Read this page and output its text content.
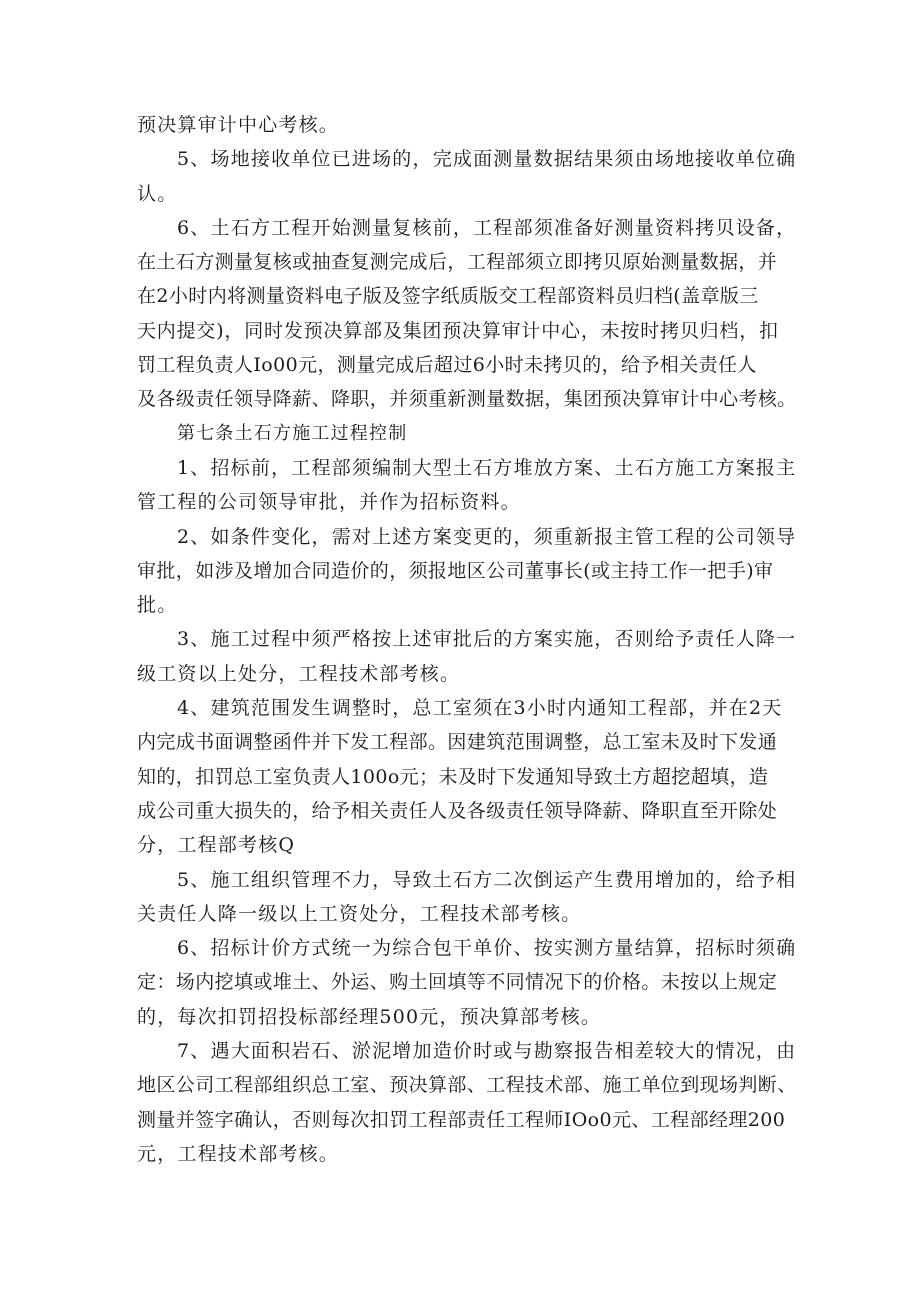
预决算审计中心考核。
5、场地接收单位已进场的，完成面测量数据结果须由场地接收单位确
认。
6、土石方工程开始测量复核前，工程部须准备好测量资料拷贝设备，
在土石方测量复核或抽查复测完成后，工程部须立即拷贝原始测量数据，并
在2小时内将测量资料电子版及签字纸质版交工程部资料员归档(盖章版三
天内提交)，同时发预决算部及集团预决算审计中心，未按时拷贝归档，扣
罚工程负责人Io00元，测量完成后超过6小时未拷贝的，给予相关责任人
及各级责任领导降薪、降职，并须重新测量数据，集团预决算审计中心考核。
第七条土石方施工过程控制
1、招标前，工程部须编制大型土石方堆放方案、土石方施工方案报主
管工程的公司领导审批，并作为招标资料。
2、如条件变化，需对上述方案变更的，须重新报主管工程的公司领导
审批，如涉及增加合同造价的，须报地区公司董事长(或主持工作一把手)审
批。
3、施工过程中须严格按上述审批后的方案实施，否则给予责任人降一
级工资以上处分，工程技术部考核。
4、建筑范围发生调整时，总工室须在3小时内通知工程部，并在2天
内完成书面调整函件并下发工程部。因建筑范围调整，总工室未及时下发通
知的，扣罚总工室负责人100o元；未及时下发通知导致土方超挖超填，造
成公司重大损失的，给予相关责任人及各级责任领导降薪、降职直至开除处
分，工程部考核Q
5、施工组织管理不力，导致土石方二次倒运产生费用增加的，给予相
关责任人降一级以上工资处分，工程技术部考核。
6、招标计价方式统一为综合包干单价、按实测方量结算，招标时须确
定：场内挖填或堆土、外运、购土回填等不同情况下的价格。未按以上规定
的，每次扣罚招投标部经理500元，预决算部考核。
7、遇大面积岩石、淤泥增加造价时或与勘察报告相差较大的情况，由
地区公司工程部组织总工室、预决算部、工程技术部、施工单位到现场判断、
测量并签字确认，否则每次扣罚工程部责任工程师IOo0元、工程部经理200
元，工程技术部考核。
